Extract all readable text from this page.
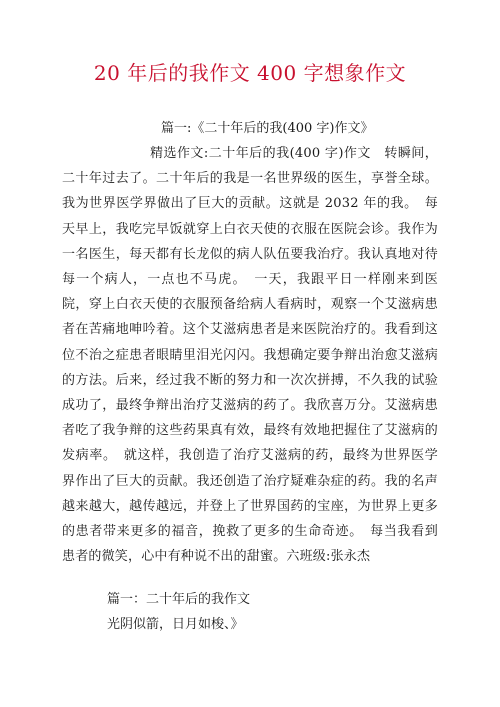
20 年后的我作文 400 字想象作文
篇一:《二十年后的我(400 字)作文》
精选作文:二十年后的我(400 字)作文　转瞬间，二十年过去了。二十年后的我是一名世界级的医生，享誉全球。我为世界医学界做出了巨大的贡献。这就是 2032 年的我。　每天早上，我吃完早饭就穿上白衣天使的衣服在医院会诊。我作为一名医生，每天都有长龙似的病人队伍要我治疗。我认真地对待每一个病人，一点也不马虎。　一天，我跟平日一样刚来到医院，穿上白衣天使的衣服预备给病人看病时，观察一个艾滋病患者在苦痛地呻吟着。这个艾滋病患者是来医院治疗的。我看到这位不治之症患者眼睛里泪光闪闪。我想确定要争辩出治愈艾滋病的方法。后来，经过我不断的努力和一次次拼搏，不久我的试验成功了，最终争辩出治疗艾滋病的药了。我欣喜万分。艾滋病患者吃了我争辩的这些药果真有效，最终有效地把握住了艾滋病的发病率。　就这样，我创造了治疗艾滋病的药，最终为世界医学界作出了巨大的贡献。我还创造了治疗疑难杂症的药。我的名声越来越大，越传越远，并登上了世界国药的宝座，为世界上更多的患者带来更多的福音，挽救了更多的生命奇迹。　每当我看到患者的微笑，心中有种说不出的甜蜜。六班级:张永杰
篇一：二十年后的我作文
光阴似箭，日月如梭、》
